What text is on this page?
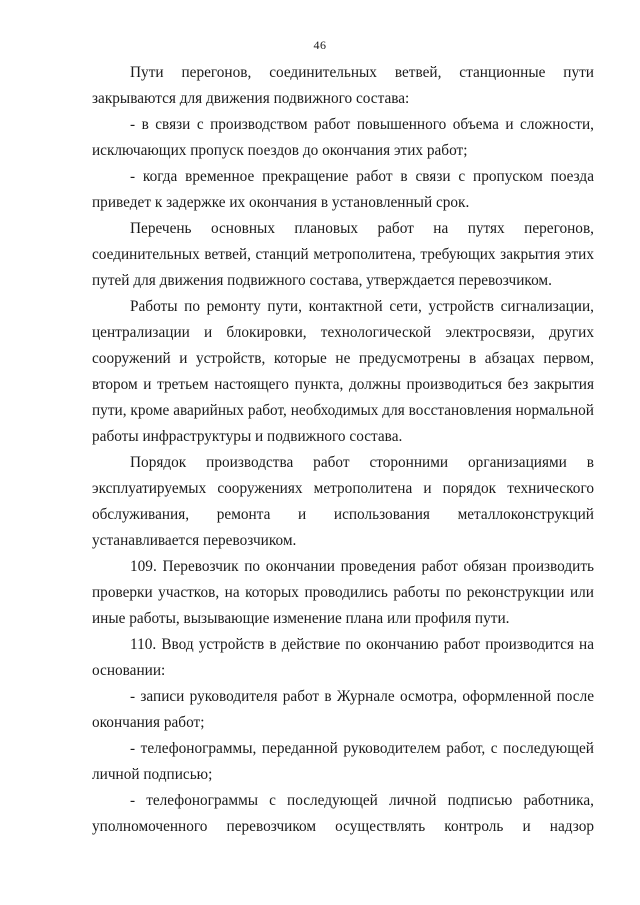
46

Пути перегонов, соединительных ветвей, станционные пути закрываются для движения подвижного состава:

- в связи с производством работ повышенного объема и сложности, исключающих пропуск поездов до окончания этих работ;

- когда временное прекращение работ в связи с пропуском поезда приведет к задержке их окончания в установленный срок.

Перечень основных плановых работ на путях перегонов, соединительных ветвей, станций метрополитена, требующих закрытия этих путей для движения подвижного состава, утверждается перевозчиком.

Работы по ремонту пути, контактной сети, устройств сигнализации, централизации и блокировки, технологической электросвязи, других сооружений и устройств, которые не предусмотрены в абзацах первом, втором и третьем настоящего пункта, должны производиться без закрытия пути, кроме аварийных работ, необходимых для восстановления нормальной работы инфраструктуры и подвижного состава.

Порядок производства работ сторонними организациями в эксплуатируемых сооружениях метрополитена и порядок технического обслуживания, ремонта и использования металлоконструкций устанавливается перевозчиком.

109. Перевозчик по окончании проведения работ обязан производить проверки участков, на которых проводились работы по реконструкции или иные работы, вызывающие изменение плана или профиля пути.

110. Ввод устройств в действие по окончанию работ производится на основании:

- записи руководителя работ в Журнале осмотра, оформленной после окончания работ;

- телефонограммы, переданной руководителем работ, с последующей личной подписью;

- телефонограммы с последующей личной подписью работника, уполномоченного перевозчиком осуществлять контроль и надзор
